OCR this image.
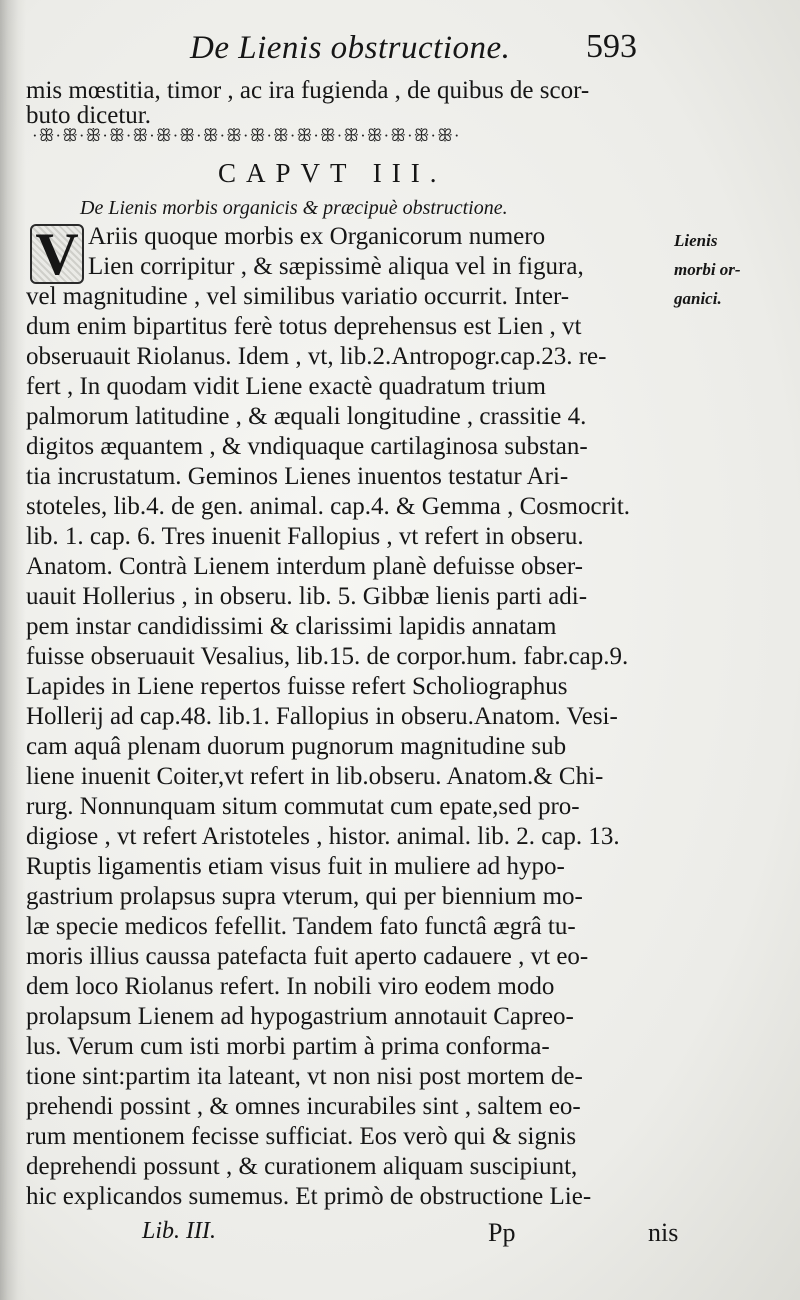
De Lienis obstructione. 593
mis mœstitia, timor , ac ira fugienda , de quibus de scor-
buto dicetur.
·ꕥ·ꕥ·ꕥ·ꕥ·ꕥ·ꕥ·ꕥ·ꕥ·ꕥ·ꕥ·ꕥ·ꕥ·ꕥ·ꕥ·ꕥ·ꕥ·ꕥ·ꕥ·
CAPVT III.
De Lienis morbis organicis & præcipuè obstructione.
V	Lienis
morbi or-
ganici.
Ariis quoque morbis ex Organicorum numero
Lien corripitur , & sæpissimè aliqua vel in figura,
vel magnitudine , vel similibus variatio occurrit. Inter-
dum enim bipartitus ferè totus deprehensus est Lien , vt
obseruauit Riolanus. Idem , vt, lib.2.Antropogr.cap.23. re-
fert , In quodam vidit Liene exactè quadratum trium
palmorum latitudine , & æquali longitudine , crassitie 4.
digitos æquantem , & vndiquaque cartilaginosa substan-
tia incrustatum. Geminos Lienes inuentos testatur Ari-
stoteles, lib.4. de gen. animal. cap.4. & Gemma , Cosmocrit.
lib. 1. cap. 6. Tres inuenit Fallopius , vt refert in obseru.
Anatom. Contrà Lienem interdum planè defuisse obser-
uauit Hollerius , in obseru. lib. 5. Gibbæ lienis parti adi-
pem instar candidissimi & clarissimi lapidis annatam
fuisse obseruauit Vesalius, lib.15. de corpor.hum. fabr.cap.9.
Lapides in Liene repertos fuisse refert Scholiographus
Hollerij ad cap.48. lib.1. Fallopius in obseru.Anatom. Vesi-
cam aquâ plenam duorum pugnorum magnitudine sub
liene inuenit Coiter,vt refert in lib.obseru. Anatom.& Chi-
rurg. Nonnunquam situm commutat cum epate,sed pro-
digiose , vt refert Aristoteles , histor. animal. lib. 2. cap. 13.
Ruptis ligamentis etiam visus fuit in muliere ad hypo-
gastrium prolapsus supra vterum, qui per biennium mo-
læ specie medicos fefellit. Tandem fato functâ ægrâ tu-
moris illius caussa patefacta fuit aperto cadauere , vt eo-
dem loco Riolanus refert. In nobili viro eodem modo
prolapsum Lienem ad hypogastrium annotauit Capreo-
lus. Verum cum isti morbi partim à prima conforma-
tione sint:partim ita lateant, vt non nisi post mortem de-
prehendi possint , & omnes incurabiles sint , saltem eo-
rum mentionem fecisse sufficiat. Eos verò qui & signis
deprehendi possunt , & curationem aliquam suscipiunt,
hic explicandos sumemus. Et primò de obstructione Lie-
Lib. III.	Pp	nis
